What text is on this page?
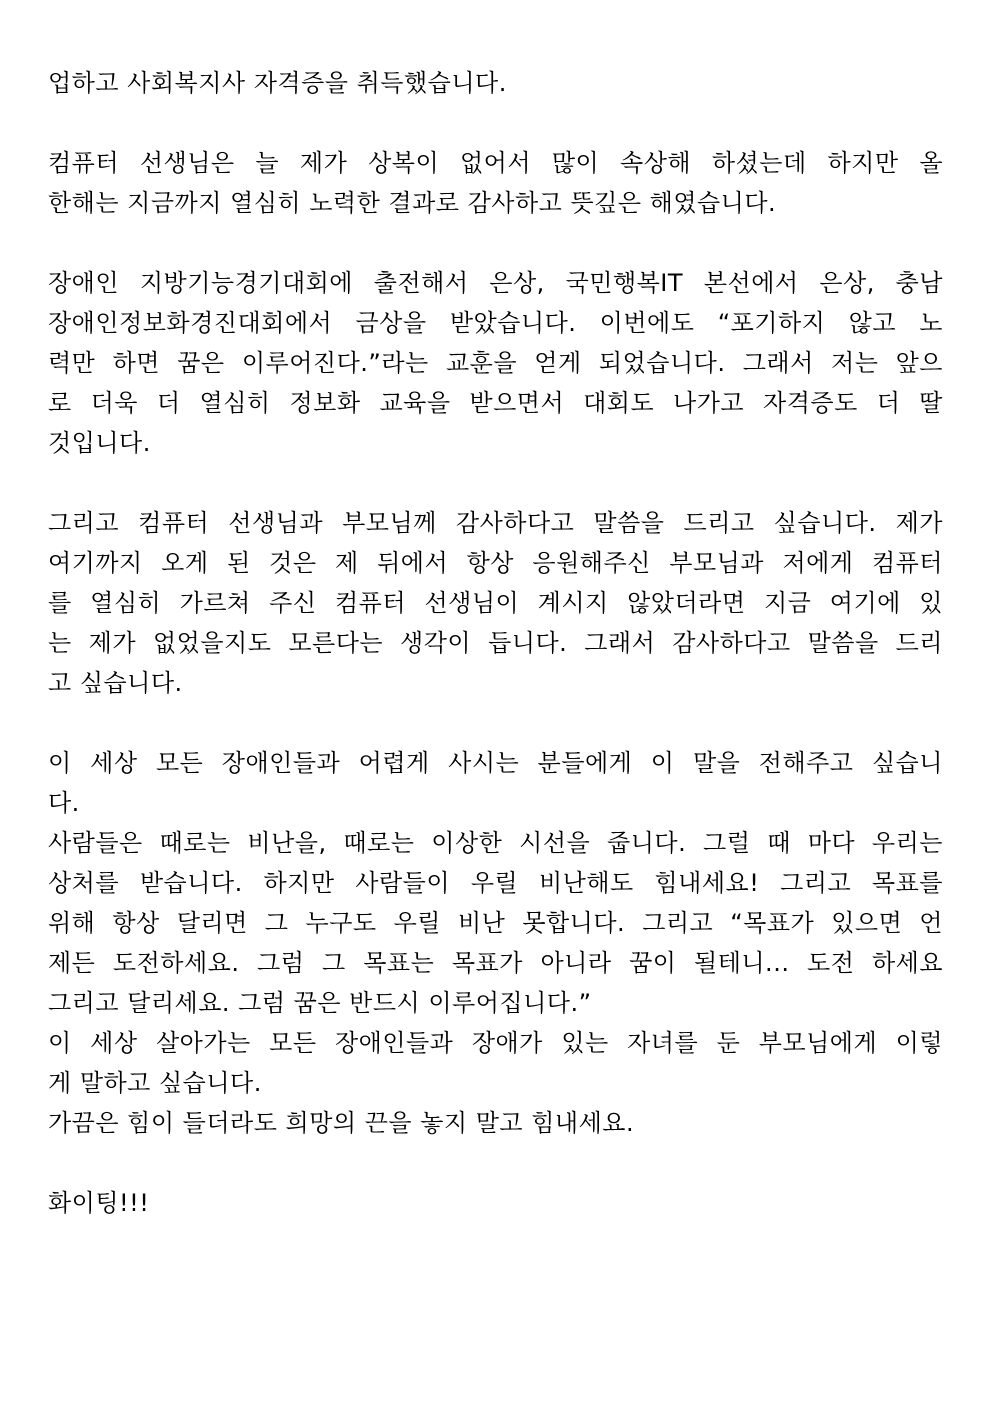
업하고 사회복지사 자격증을 취득했습니다.
컴퓨터 선생님은 늘 제가 상복이 없어서 많이 속상해 하셨는데 하지만 올
한해는 지금까지 열심히 노력한 결과로 감사하고 뜻깊은 해였습니다.
장애인 지방기능경기대회에 출전해서 은상, 국민행복IT 본선에서 은상, 충남
장애인정보화경진대회에서 금상을 받았습니다. 이번에도 “포기하지 않고 노
력만 하면 꿈은 이루어진다.”라는 교훈을 얻게 되었습니다. 그래서 저는 앞으
로 더욱 더 열심히 정보화 교육을 받으면서 대회도 나가고 자격증도 더 딸
것입니다.
그리고 컴퓨터 선생님과 부모님께 감사하다고 말씀을 드리고 싶습니다. 제가
여기까지 오게 된 것은 제 뒤에서 항상 응원해주신 부모님과 저에게 컴퓨터
를 열심히 가르쳐 주신 컴퓨터 선생님이 계시지 않았더라면 지금 여기에 있
는 제가 없었을지도 모른다는 생각이 듭니다. 그래서 감사하다고 말씀을 드리
고 싶습니다.
이 세상 모든 장애인들과 어렵게 사시는 분들에게 이 말을 전해주고 싶습니
다.
사람들은 때로는 비난을, 때로는 이상한 시선을 줍니다. 그럴 때 마다 우리는
상처를 받습니다. 하지만 사람들이 우릴 비난해도 힘내세요! 그리고 목표를
위해 항상 달리면 그 누구도 우릴 비난 못합니다. 그리고 “목표가 있으면 언
제든 도전하세요. 그럼 그 목표는 목표가 아니라 꿈이 될테니... 도전 하세요
그리고 달리세요. 그럼 꿈은 반드시 이루어집니다.”
이 세상 살아가는 모든 장애인들과 장애가 있는 자녀를 둔 부모님에게 이렇
게 말하고 싶습니다.
가끔은 힘이 들더라도 희망의 끈을 놓지 말고 힘내세요.
화이팅!!!
